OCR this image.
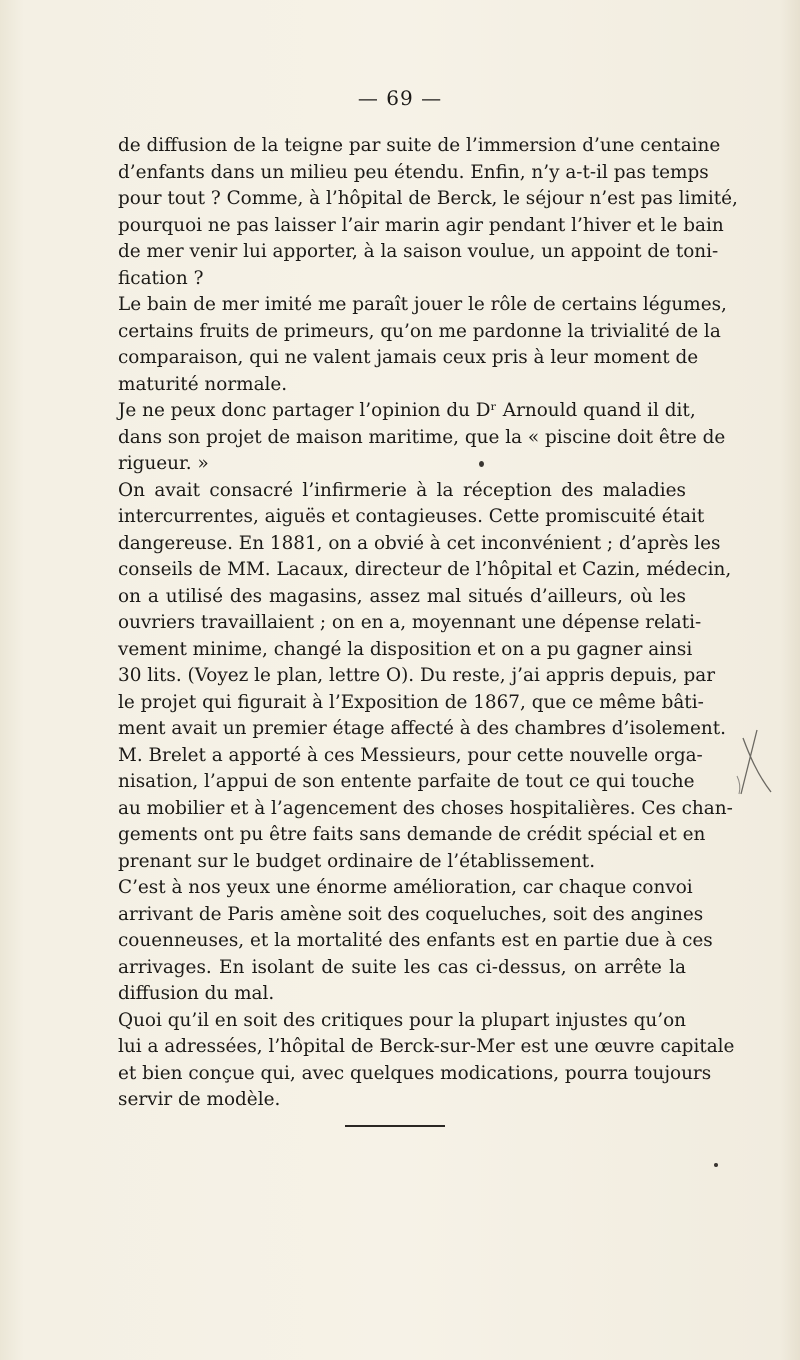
— 69 —
de diffusion de la teigne par suite de l’immersion d’une centaine
d’enfants dans un milieu peu étendu. Enfin, n’y a-t-il pas temps
pour tout ? Comme, à l’hôpital de Berck, le séjour n’est pas limité,
pourquoi ne pas laisser l’air marin agir pendant l’hiver et le bain
de mer venir lui apporter, à la saison voulue, un appoint de toni-
fication ?
Le bain de mer imité me paraît jouer le rôle de certains légumes,
certains fruits de primeurs, qu’on me pardonne la trivialité de la
comparaison, qui ne valent jamais ceux pris à leur moment de
maturité normale.
Je ne peux donc partager l’opinion du Dʳ Arnould quand il dit,
dans son projet de maison maritime, que la « piscine doit être de
rigueur. »
On avait consacré l’infirmerie à la réception des maladies
intercurrentes, aiguës et contagieuses. Cette promiscuité était
dangereuse. En 1881, on a obvié à cet inconvénient ; d’après les
conseils de MM. Lacaux, directeur de l’hôpital et Cazin, médecin,
on a utilisé des magasins, assez mal situés d’ailleurs, où les
ouvriers travaillaient ; on en a, moyennant une dépense relati-
vement minime, changé la disposition et on a pu gagner ainsi
30 lits. (Voyez le plan, lettre O). Du reste, j’ai appris depuis, par
le projet qui figurait à l’Exposition de 1867, que ce même bâti-
ment avait un premier étage affecté à des chambres d’isolement.
M. Brelet a apporté à ces Messieurs, pour cette nouvelle orga-
nisation, l’appui de son entente parfaite de tout ce qui touche
au mobilier et à l’agencement des choses hospitalières. Ces chan-
gements ont pu être faits sans demande de crédit spécial et en
prenant sur le budget ordinaire de l’établissement.
C’est à nos yeux une énorme amélioration, car chaque convoi
arrivant de Paris amène soit des coqueluches, soit des angines
couenneuses, et la mortalité des enfants est en partie due à ces
arrivages. En isolant de suite les cas ci-dessus, on arrête la
diffusion du mal.
Quoi qu’il en soit des critiques pour la plupart injustes qu’on
lui a adressées, l’hôpital de Berck-sur-Mer est une œuvre capitale
et bien conçue qui, avec quelques modications, pourra toujours
servir de modèle.
